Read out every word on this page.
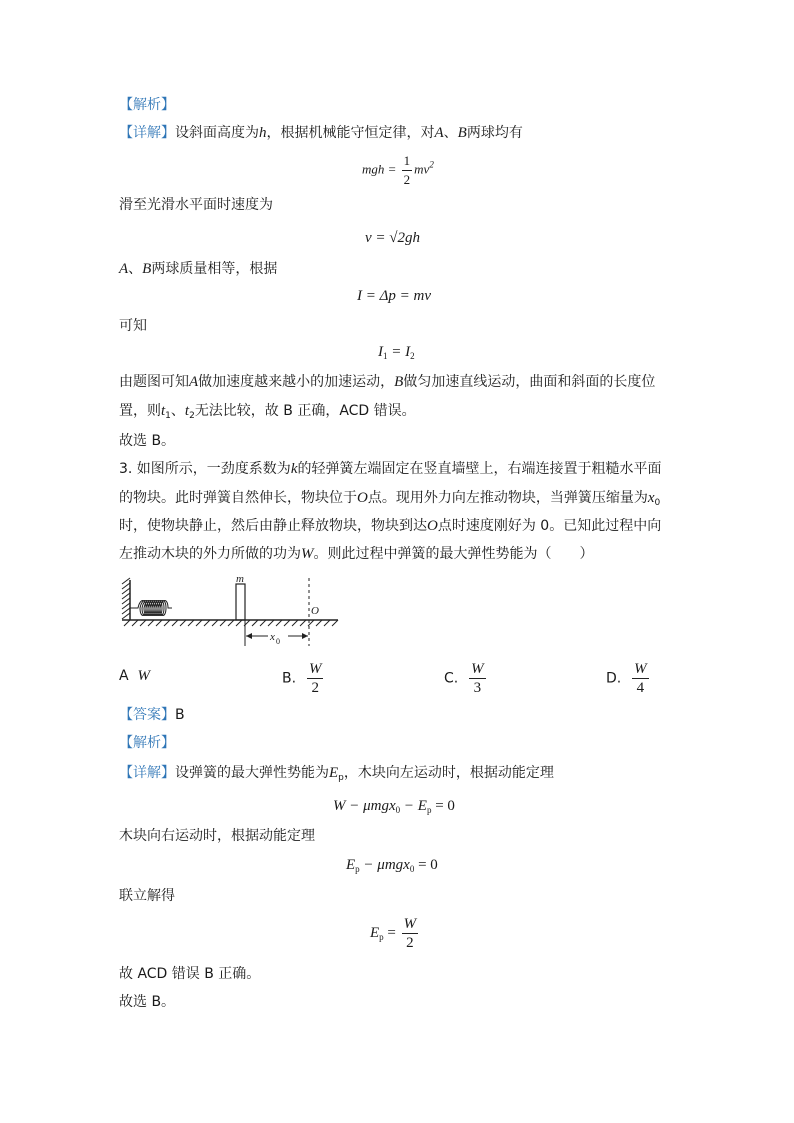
【解析】
【详解】设斜面高度为h，根据机械能守恒定律，对A、B两球均有
mgh = $\frac{1}{2} mv^2$
滑至光滑水平面时速度为
v = √2gh
A、B两球质量相等，根据
I = Δp = mv
可知
$I_1 = I_2$
由题图可知A做加速度越来越小的加速运动，B做匀加速直线运动，曲面和斜面的长度位
置，则$t_1$、$t_2$无法比较，故 B 正确，ACD 错误。
故选 B。
3. 如图所示，一劲度系数为k的轻弹簧左端固定在竖直墙壁上，右端连接置于粗糙水平面
的物块。此时弹簧自然伸长，物块位于O点。现用外力向左推动物块，当弹簧压缩量为$x_0$
时，使物块静止，然后由静止释放物块，物块到达O点时速度刚好为 0。已知此过程中向
左推动木块的外力所做的功为W。则此过程中弹簧的最大弹性势能为（　　）
m
O
x 0
A W	B. $\frac{W}{2}$	C. $\frac{W}{3}$	D. $\frac{W}{4}$
【答案】B
【解析】
【详解】设弹簧的最大弹性势能为$E_p$，木块向左运动时，根据动能定理
$W - \mu mgx_0 - E_p = 0$
木块向右运动时，根据动能定理
$E_p - \mu mgx_0 = 0$
联立解得
$E_p = \frac{W}{2}$
故 ACD 错误 B 正确。
故选 B。
